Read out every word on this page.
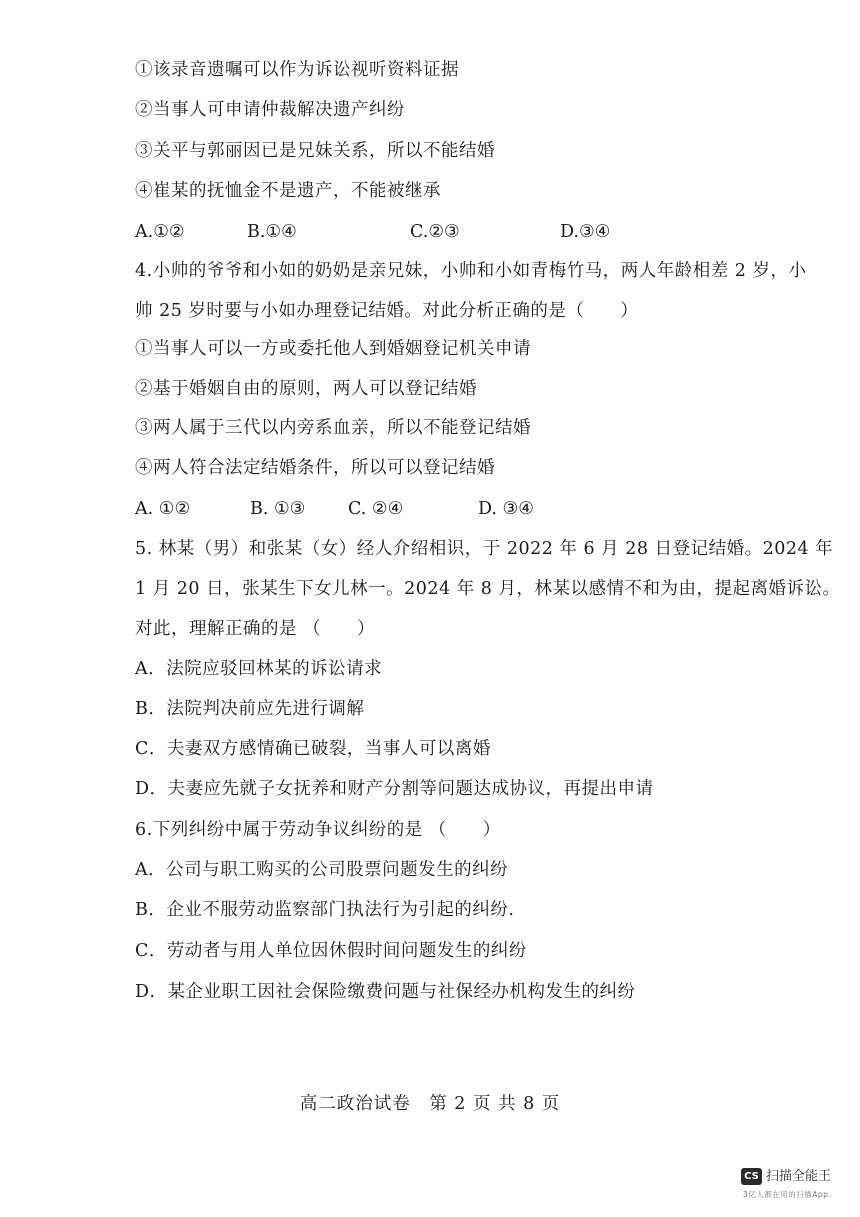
①该录音遗嘱可以作为诉讼视听资料证据
②当事人可申请仲裁解决遗产纠纷
③关平与郭丽因已是兄妹关系，所以不能结婚
④崔某的抚恤金不是遗产，不能被继承
A.①②	B.①④	C.②③	D.③④
4.小帅的爷爷和小如的奶奶是亲兄妹，小帅和小如青梅竹马，两人年龄相差 2 岁，小
帅 25 岁时要与小如办理登记结婚。对此分析正确的是（　　）
①当事人可以一方或委托他人到婚姻登记机关申请
②基于婚姻自由的原则，两人可以登记结婚
③两人属于三代以内旁系血亲，所以不能登记结婚
④两人符合法定结婚条件，所以可以登记结婚
A. ①②	B. ①③ C. ②④	D. ③④
5. 林某（男）和张某（女）经人介绍相识，于 2022 年 6 月 28 日登记结婚。2024 年
1 月 20 日，张某生下女儿林一。2024 年 8 月，林某以感情不和为由，提起离婚诉讼。
对此，理解正确的是 （　　）
A．法院应驳回林某的诉讼请求
B．法院判决前应先进行调解
C．夫妻双方感情确已破裂，当事人可以离婚
D．夫妻应先就子女抚养和财产分割等问题达成协议，再提出申请
6.下列纠纷中属于劳动争议纠纷的是 （　　）
A．公司与职工购买的公司股票问题发生的纠纷
B．企业不服劳动监察部门执法行为引起的纠纷.
C．劳动者与用人单位因休假时间问题发生的纠纷
D．某企业职工因社会保险缴费问题与社保经办机构发生的纠纷
高二政治试卷　第 2 页 共 8 页
CS 扫描全能王
3亿人都在用的扫描App
